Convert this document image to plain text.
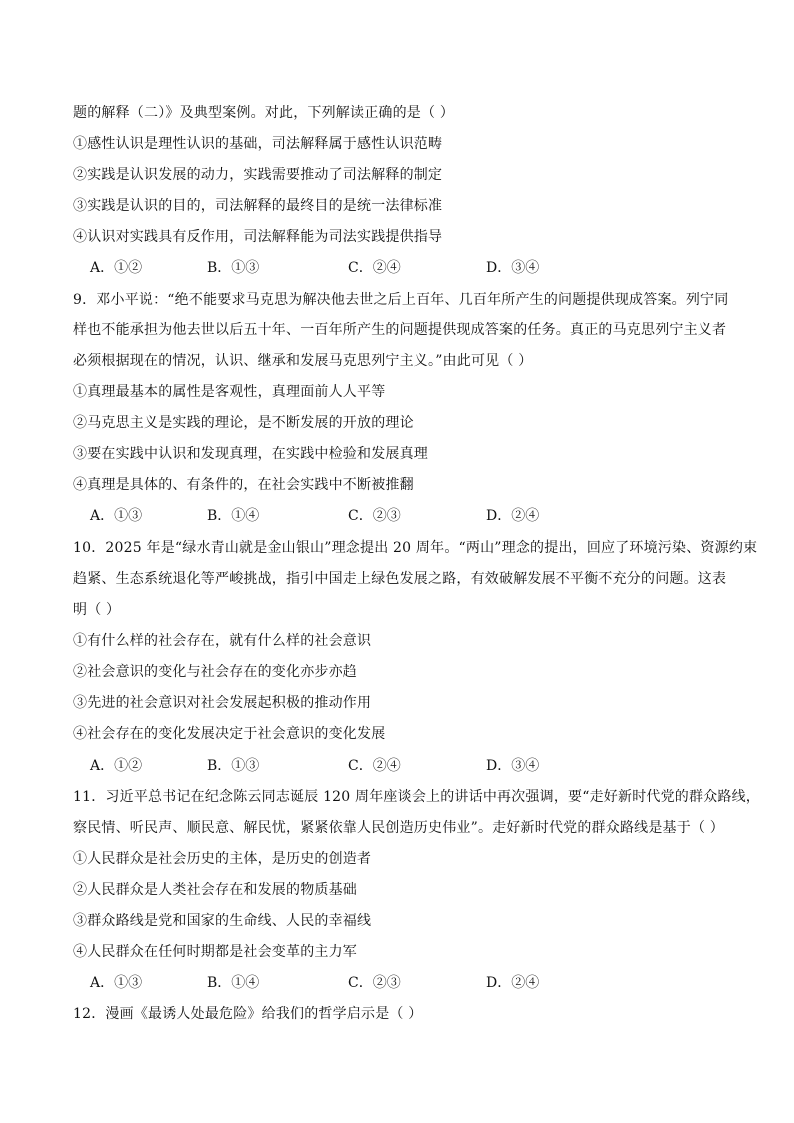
题的解释（二）》及典型案例。对此，下列解读正确的是（ ）
①感性认识是理性认识的基础，司法解释属于感性认识范畴
②实践是认识发展的动力，实践需要推动了司法解释的制定
③实践是认识的目的，司法解释的最终目的是统一法律标准
④认识对实践具有反作用，司法解释能为司法实践提供指导
A．①②	B．①③	C．②④	D．③④
9．邓小平说：“绝不能要求马克思为解决他去世之后上百年、几百年所产生的问题提供现成答案。列宁同
样也不能承担为他去世以后五十年、一百年所产生的问题提供现成答案的任务。真正的马克思列宁主义者
必须根据现在的情况，认识、继承和发展马克思列宁主义。”由此可见（ ）
①真理最基本的属性是客观性，真理面前人人平等
②马克思主义是实践的理论，是不断发展的开放的理论
③要在实践中认识和发现真理，在实践中检验和发展真理
④真理是具体的、有条件的，在社会实践中不断被推翻
A．①③	B．①④	C．②③	D．②④
10．2025 年是“绿水青山就是金山银山”理念提出 20 周年。“两山”理念的提出，回应了环境污染、资源约束
趋紧、生态系统退化等严峻挑战，指引中国走上绿色发展之路，有效破解发展不平衡不充分的问题。这表
明（ ）
①有什么样的社会存在，就有什么样的社会意识
②社会意识的变化与社会存在的变化亦步亦趋
③先进的社会意识对社会发展起积极的推动作用
④社会存在的变化发展决定于社会意识的变化发展
A．①②	B．①③	C．②④	D．③④
11．习近平总书记在纪念陈云同志诞辰 120 周年座谈会上的讲话中再次强调，要“走好新时代党的群众路线，
察民情、听民声、顺民意、解民忧，紧紧依靠人民创造历史伟业”。走好新时代党的群众路线是基于（ ）
①人民群众是社会历史的主体，是历史的创造者
②人民群众是人类社会存在和发展的物质基础
③群众路线是党和国家的生命线、人民的幸福线
④人民群众在任何时期都是社会变革的主力军
A．①③	B．①④	C．②③	D．②④
12．漫画《最诱人处最危险》给我们的哲学启示是（ ）
